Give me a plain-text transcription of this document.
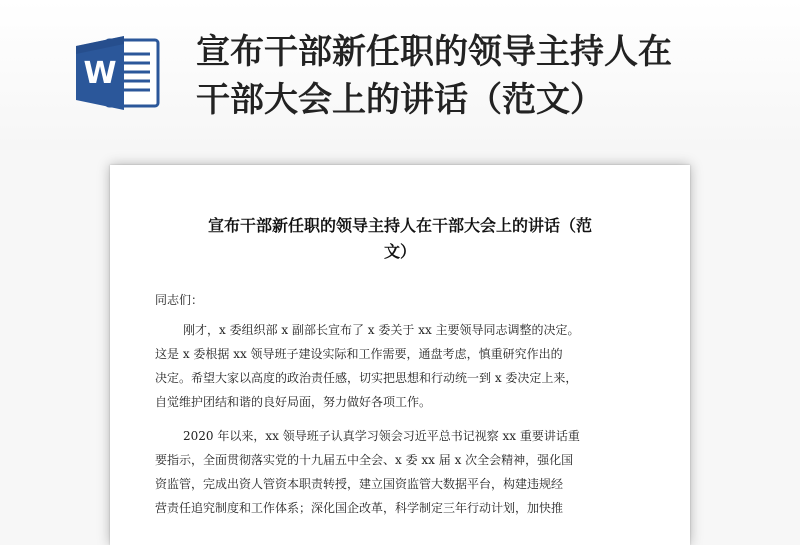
W
宣布干部新任职的领导主持人在
干部大会上的讲话（范文）
宣布干部新任职的领导主持人在干部大会上的讲话（范
文）

同志们：

刚才，x 委组织部 x 副部长宣布了 x 委关于 xx 主要领导同志调整的决定。
这是 x 委根据 xx 领导班子建设实际和工作需要，通盘考虑，慎重研究作出的
决定。希望大家以高度的政治责任感，切实把思想和行动统一到 x 委决定上来，
自觉维护团结和谐的良好局面，努力做好各项工作。
2020 年以来，xx 领导班子认真学习领会习近平总书记视察 xx 重要讲话重
要指示，全面贯彻落实党的十九届五中全会、x 委 xx 届 x 次全会精神，强化国
资监管，完成出资人管资本职责转授，建立国资监管大数据平台，构建违规经
营责任追究制度和工作体系；深化国企改革，科学制定三年行动计划，加快推
